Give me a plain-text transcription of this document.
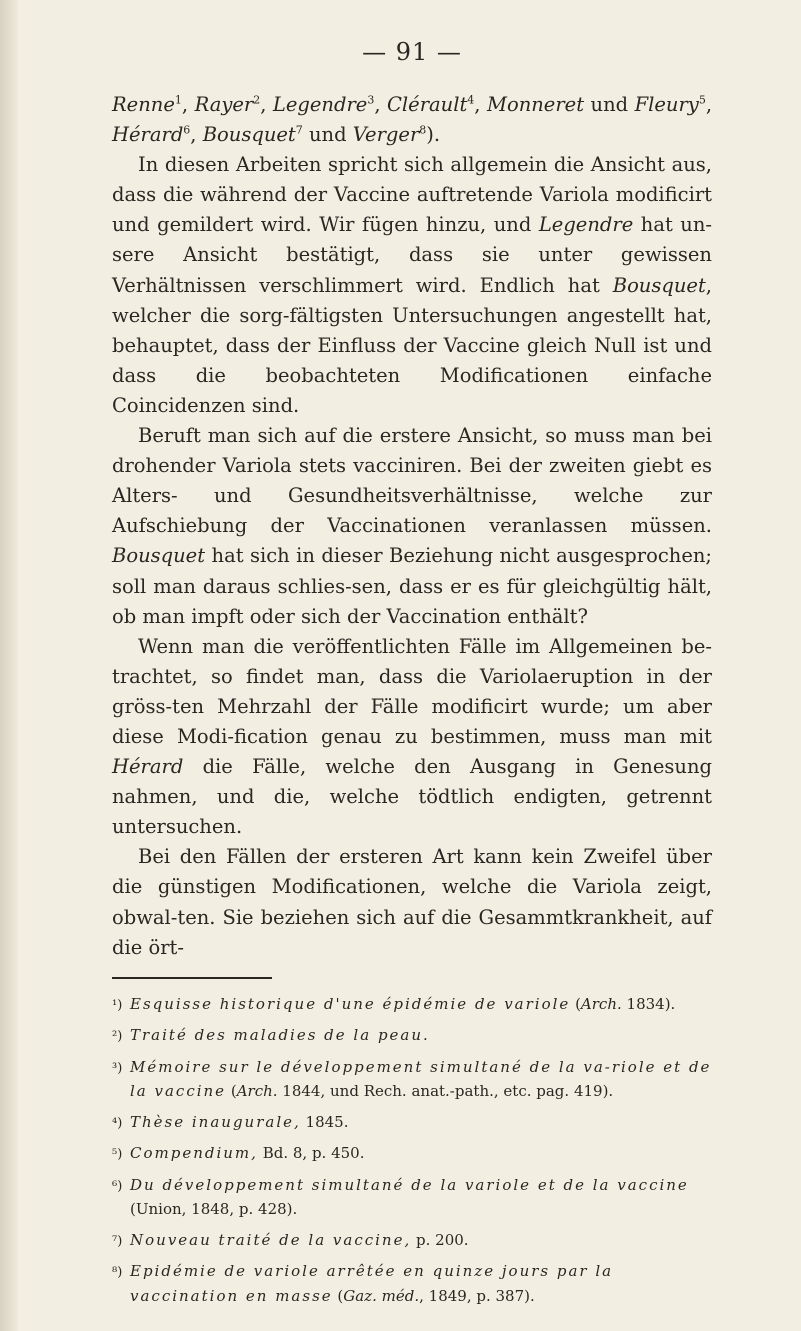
— 91 —

Renne$^1$, Rayer$^2$, Legendre$^3$, Clérault$^4$, Monneret und Fleury$^5$, Hérard$^6$, Bousquet$^7$ und Verger$^8$).

In diesen Arbeiten spricht sich allgemein die Ansicht aus, dass die während der Vaccine auftretende Variola modificirt und gemildert wird. Wir fügen hinzu, und Legendre hat un-sere Ansicht bestätigt, dass sie unter gewissen Verhältnissen verschlimmert wird. Endlich hat Bousquet, welcher die sorg-fältigsten Untersuchungen angestellt hat, behauptet, dass der Einfluss der Vaccine gleich Null ist und dass die beobachteten Modificationen einfache Coincidenzen sind.

Beruft man sich auf die erstere Ansicht, so muss man bei drohender Variola stets vacciniren. Bei der zweiten giebt es Alters- und Gesundheitsverhältnisse, welche zur Aufschiebung der Vaccinationen veranlassen müssen. Bousquet hat sich in dieser Beziehung nicht ausgesprochen; soll man daraus schlies-sen, dass er es für gleichgültig hält, ob man impft oder sich der Vaccination enthält?

Wenn man die veröffentlichten Fälle im Allgemeinen be-trachtet, so findet man, dass die Variolaeruption in der gröss-ten Mehrzahl der Fälle modificirt wurde; um aber diese Modi-fication genau zu bestimmen, muss man mit Hérard die Fälle, welche den Ausgang in Genesung nahmen, und die, welche tödtlich endigten, getrennt untersuchen.

Bei den Fällen der ersteren Art kann kein Zweifel über die günstigen Modificationen, welche die Variola zeigt, obwal-ten. Sie beziehen sich auf die Gesammtkrankheit, auf die ört-

¹) Esquisse historique d'une épidémie de variole (Arch. 1834).

²) Traité des maladies de la peau.

³) Mémoire sur le développement simultané de la va-riole et de la vaccine (Arch. 1844, und Rech. anat.-path., etc. pag. 419).

⁴) Thèse inaugurale, 1845.

⁵) Compendium, Bd. 8, p. 450.

⁶) Du développement simultané de la variole et de la vaccine (Union, 1848, p. 428).

⁷) Nouveau traité de la vaccine, p. 200.

⁸) Epidémie de variole arrêtée en quinze jours par la vaccination en masse (Gaz. méd., 1849, p. 387).
